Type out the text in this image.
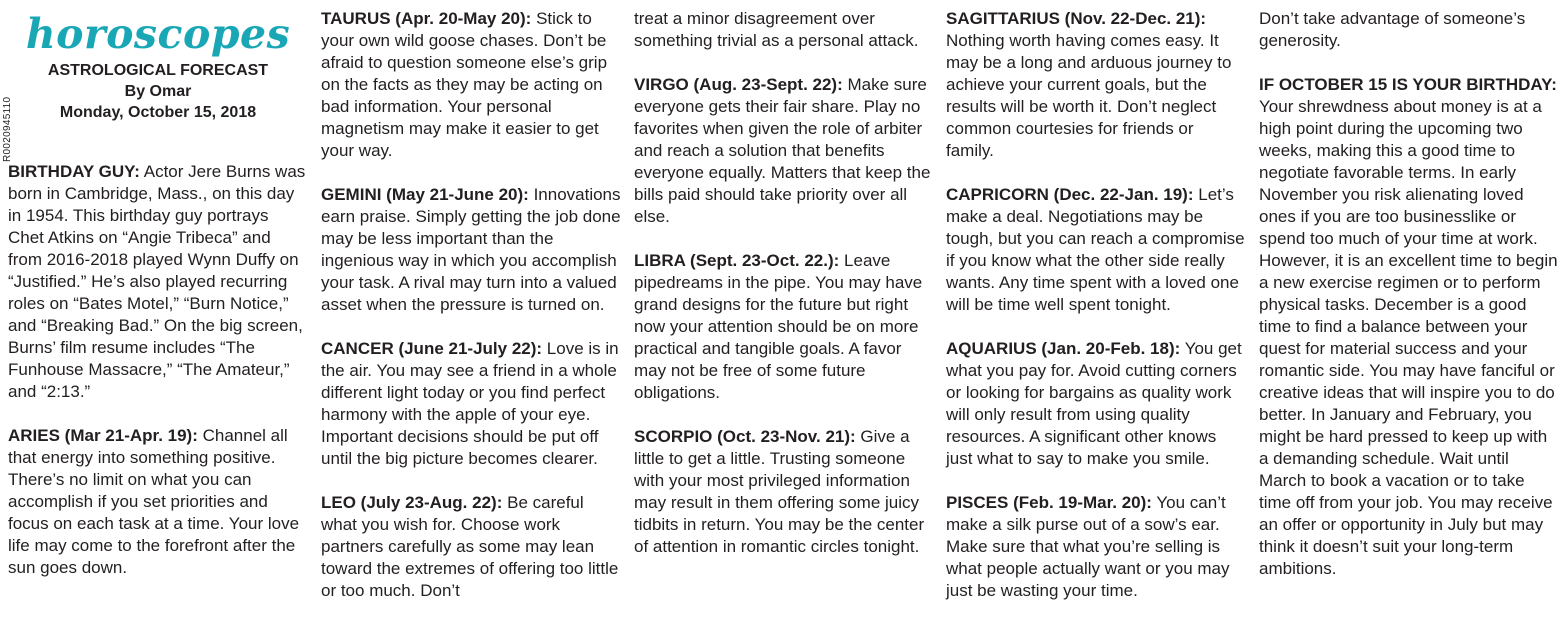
R0020945110
horoscopes
ASTROLOGICAL FORECAST
By Omar
Monday, October 15, 2018
BIRTHDAY GUY: Actor Jere Burns was born in Cambridge, Mass., on this day in 1954. This birthday guy portrays Chet Atkins on “Angie Tribeca” and from 2016-2018 played Wynn Duffy on “Justified.” He’s also played recurring roles on “Bates Motel,” “Burn Notice,” and “Breaking Bad.” On the big screen, Burns’ film resume includes “The Funhouse Massacre,” “The Amateur,” and “2:13.”
ARIES (Mar 21-Apr. 19): Channel all that energy into something positive. There’s no limit on what you can accomplish if you set priorities and focus on each task at a time. Your love life may come to the forefront after the sun goes down.
TAURUS (Apr. 20-May 20): Stick to your own wild goose chases. Don’t be afraid to question someone else’s grip on the facts as they may be acting on bad information. Your personal magnetism may make it easier to get your way.
GEMINI (May 21-June 20): Innovations earn praise. Simply getting the job done may be less important than the ingenious way in which you accomplish your task. A rival may turn into a valued asset when the pressure is turned on.
CANCER (June 21-July 22): Love is in the air. You may see a friend in a whole different light today or you find perfect harmony with the apple of your eye. Important decisions should be put off until the big picture becomes clearer.
LEO (July 23-Aug. 22): Be careful what you wish for. Choose work partners carefully as some may lean toward the extremes of offering too little or too much. Don’t
treat a minor disagreement over something trivial as a personal attack.
VIRGO (Aug. 23-Sept. 22): Make sure everyone gets their fair share. Play no favorites when given the role of arbiter and reach a solution that benefits everyone equally. Matters that keep the bills paid should take priority over all else.
LIBRA (Sept. 23-Oct. 22.): Leave pipedreams in the pipe. You may have grand designs for the future but right now your attention should be on more practical and tangible goals. A favor may not be free of some future obligations.
SCORPIO (Oct. 23-Nov. 21): Give a little to get a little. Trusting someone with your most privileged information may result in them offering some juicy tidbits in return. You may be the center of attention in romantic circles tonight.
SAGITTARIUS (Nov. 22-Dec. 21): Nothing worth having comes easy. It may be a long and arduous journey to achieve your current goals, but the results will be worth it. Don’t neglect common courtesies for friends or family.
CAPRICORN (Dec. 22-Jan. 19): Let’s make a deal. Negotiations may be tough, but you can reach a compromise if you know what the other side really wants. Any time spent with a loved one will be time well spent tonight.
AQUARIUS (Jan. 20-Feb. 18): You get what you pay for. Avoid cutting corners or looking for bargains as quality work will only result from using quality resources. A significant other knows just what to say to make you smile.
PISCES (Feb. 19-Mar. 20): You can’t make a silk purse out of a sow’s ear. Make sure that what you’re selling is what people actually want or you may just be wasting your time.
Don’t take advantage of someone’s generosity.
IF OCTOBER 15 IS YOUR BIRTHDAY: Your shrewdness about money is at a high point during the upcoming two weeks, making this a good time to negotiate favorable terms. In early November you risk alienating loved ones if you are too businesslike or spend too much of your time at work. However, it is an excellent time to begin a new exercise regimen or to perform physical tasks. December is a good time to find a balance between your quest for material success and your romantic side. You may have fanciful or creative ideas that will inspire you to do better. In January and February, you might be hard pressed to keep up with a demanding schedule. Wait until March to book a vacation or to take time off from your job. You may receive an offer or opportunity in July but may think it doesn’t suit your long-term ambitions.
